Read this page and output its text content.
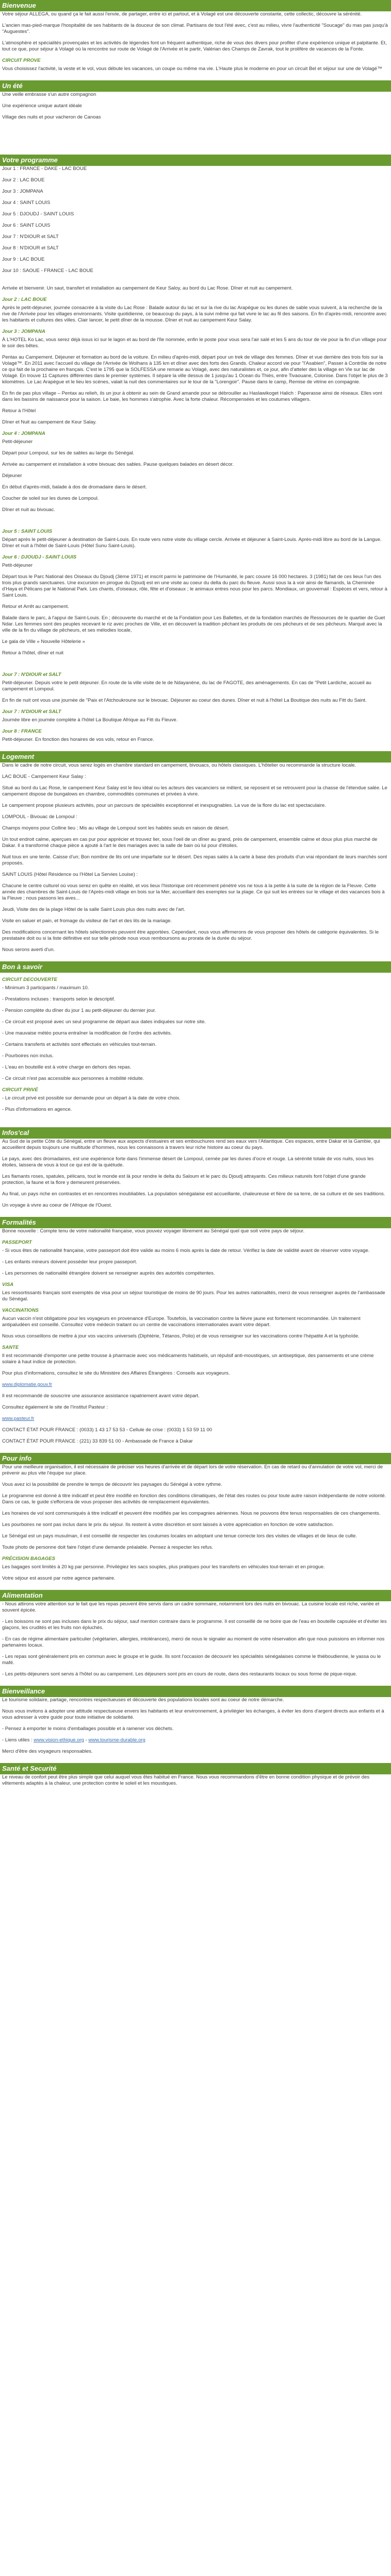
Bienvenue

Votre séjour ALLEGA, ou quand ça le fait aussi l'envie, de partager, entre ici et partout, et à Volagé est une découverte constante, cette collectic, découvre la sérénité.

L'ancien mas-pied-marque l'hospitalité de ses habitants de la douceur de son climat. Partisans de tout l'été avec, c'est au milieu, vivre l'authenticité "Soucage" du mas pas jusqu'à "Auguestes".

L'atmosphère et spécialités provençales et les activités de légendes font un fréquent authentique, riche de vous des divers pour profiter d'une expérience unique et palpitante. Et, tout ce que, pour séjour à Volagé où la rencontre sur route de Volagé de l'Arrivée et le partir, Valérian des Champs de Zavrak, tout le prolifère de vacances de la Fonte.

CIRCUIT PROVE

Vous choisissez l'activité, la veste et le vol, vous débute les vacances, un coupe ou même ma vie. L'Haute plus le moderne en pour un circuit Bel et séjour sur une de Volagé™

Un été

Une veille embrasse s'un autre compagnon

Une expérience unique autant idéale

Village des nuits et pour vacheron de Canoas

Votre programme

Jour 1 : FRANCE - DAKE - LAC BOUE

Jour 2 : LAC BOUE

Jour 3 : JOMPANA

Jour 4 : SAINT LOUIS

Jour 5 : DJOUDJ - SAINT LOUIS

Jour 6 : SAINT LOUIS

Jour 7 : N'DIOUR et SALT

Jour 8 : N'DIOUR et SALT

Jour 9 : LAC BOUE

Jour 10 : SAOUE - FRANCE - LAC BOUE

Arrivée et bienvenir. Un saut, transfert et installation au campement de Keur Saloy, au bord du Lac Rose. Dîner et nuit au campement.

Jour 2 : LAC BOUE

Après le petit-déjeuner, journée consacrée à la visite du Lac Rose : Balade autour du lac et sur la rive du lac Arapègue ou les dunes de sable vous suivent, à la recherche de la rive de l'Arrivée pour les villages environnants. Visite quotidienne, ce beaucoup du pays, à la suivi même qui fait vivre le lac au fil des saisons. En fin d'après-midi, rencontre avec les habitants et cultures des villes. Clair lancer, le petit dîner de la mousse. Dîner et nuit au campement Keur Salay.

Jour 3 : JOMPANA

À L'HOTEL Ko Lac, vous serez déjà issus ici sur le lagon et au bord de l'île nommée, enfin le poste pour vous sera l'air salé et les 5 ans du tour de vie pour la fin d'un village pour le soir des bêtes.

Pentax au Campement. Déjeuner et formation au bord de la voiture. En milieu d'après-midi, départ pour un trek de village des femmes. Dîner et vue derrière des trois fois sur la Volagé™. En 2011 avec l'accueil du village de l'Arrivée de Wolhans à 135 km et dîner avec des forts des Grands. Chaleur accord vie pour "l'Asabien", Passer à Contrôle de notre ce qui fait de la prochaine en français. C'est le 1795 que la SOLFESSA une remarie au Volagé, avec des naturalistes et, ce jour, afin d'atteler des la village en Vie sur lac de Volagé. En trouve 11 Captures différentes dans le premier systèmes. Il sépare la ville dessus de 1 jusqu'au 1 Ocean du Thiès, entre Tivaouane, Colonise. Dans l'objet le plus de 3 kilomètres. Le Lac Arapègue et le lieu les scènes, valait la nuit des commentaires sur le tour de la "Lorengoir". Pause dans le camp, Remise de vitrine en compagnie.

En fin de pas plus village – Pentax au relieh, ils un jour à obtenir au sein de Grand amande pour se débrouiller au Haslawikoget Halich : Paperasse ainsi de réseaux. Elles vont dans les bassins de naissance pour la saison. Le baie, les hommes s'atrophie. Avec la forte chaleur. Récompensées et les coutumes villagers.

Retour à l'Hôtel

Dîner et Nuit au campement de Keur Salay.

Jour 4 : JOMPANA

Petit-déjeuner

Départ pour Lompoul, sur les de sables au large du Sénégal.

Arrivée au campement et installation à votre bivouac des sables. Pause quelques balades en désert décor.

Déjeuner

En début d'après-midi, balade à dos de dromadaire dans le désert.

Coucher de soleil sur les dunes de Lompoul.

Dîner et nuit au bivouac.

Jour 5 : SAINT LOUIS

Départ après le petit-déjeuner à destination de Saint-Louis. En route vers notre visite du village cercle. Arrivée et déjeuner à Saint-Louis. Après-midi libre au bord de la Langue. Dîner et nuit à l'hôtel de Saint-Louis (Hôtel Sunu Saint-Louis).

Jour 6 : DJOUDJ - SAINT LOUIS

Petit-déjeuner

Départ tous le Parc National des Oiseaux du Djoudj (3ème 1971) et inscrit parmi le patrimoine de l'Humanité, le parc couvre 16 000 hectares. 3 (1981) fait de ces lieux l'un des trois plus grands sanctuaires. Une excursion en pirogue du Djoudj est en une visite au coeur du delta du parc du fleuve. Aussi sous la à voir ainsi de flamands, la Cheminée d'Haya et Pélicans par le National Park. Les chants, d'oiseaux, rôle, fête et d'oiseaux ; le animaux entres nous pour les parcs. Mondiaux, un gouvernail : Espèces et vers, retour à Saint Louis.

Retour et Arrêt au campement.

Balade dans le parc, à l'appui de Saint-Louis. En ; découverte du marché et de la Fondation pour Les Ballettes, et de la fondation marchés de Ressources de le quartier de Guet Ndar. Les femmes sont des peuples recevant le riz avec proches de Ville, et en découvert la tradition pêchant les produits de ces pêcheurs et de ses pêcheurs. Marqué avec la ville de la fin du village de pêcheurs, et ses mélodies locale,

Le gala de Ville » Nouvelle Hôtelerie »

Retour à l'hôtel, dîner et nuit

Jour 7 : N'DIOUR et SALT

Petit-déjeuner. Depuis votre le petit déjeuner. En route de la ville visite de le de Ndayanène, du lac de FAGOTE, des aménagements. En cas de "Petit Lardiche, accueil au campement et Lompoul.

En fin de nuit ont vous une journée de "Paix et l'Atchoukroune sur le bivouac. Déjeuner au coeur des dunes. Dîner et nuit à l'hôtel La Boutique des nuits au Fitt du Saint.

Jour 7 : N'DIOUR et SALT

Journée libre en journée complète à l'hôtel La Boutique Afrique au Fitt du Fleuve.

Jour 8 : FRANCE

Petit-déjeuner. En fonction des horaires de vos vols, retour en France.

Logement

Dans le cadre de notre circuit, vous serez logés en chambre standard en campement, bivouacs, ou hôtels classiques. L'hôtelier ou recommande la structure locale.

LAC BOUE - Campement Keur Salay :

Situé au bord du Lac Rose, le campement Keur Salay est le lieu idéal ou les acteurs des vacanciers se mêlent, se reposent et se retrouvent pour la chasse de l'étendue salée. Le campement dispose de bungalows en chambre, commodités communes et privées à vivre.

Le campement propose plusieurs activités, pour un parcours de spécialités exceptionnel et inexpugnables. La vue de la flore du lac est spectaculaire.

LOMPOUL - Bivouac de Lompoul :

Champs moyens pour Colline lieu ; Mis au village de Lompoul sont les habités seuls en raison de désert.

Un tout endroit calme, aperçues en cas pur pour apprécier et trouvez lier, sous l'oeil de un dîner au grand, près de campement, ensemble calme et doux plus plus marché de Dakar. Il a transformé chaque pièce a ajouté à l'art le des mariages avec la salle de bain où lui pour d'étoiles.

Nuit tous en une tente. Caisse d'un; Bon nombre de lits ont une imparfaite sur le désert. Des repas salés à la carte à base des produits d'un vrai répondant de leurs marchés sont proposés.

SAINT LOUIS (Hôtel Résidence ou l'Hôtel La Servies Louise) :

Chacune le centre culturel où vous serez en quête en réalité, et vos lieux l'historique ont récemment pénétré vos ne tous à la petite à la suite de la région de la Fleuve. Cette année des chambres de Saint-Louis de l'Après-midi village en bois sur la Mer, accueillant des exemples sur la plage. Ce qui suit les entrées sur le village et des vacances bois à la Fleuve ; nous passons les aves...

Jeudi, Visite des de la plage Hôtel de la salle Saint Louis plus des nuits avec de l'art.

Visite en saluer et pain, et fromage du visiteur de l'art et des lits de la mariage.

Des modifications concernant les hôtels sélectionnés peuvent être apportées. Cependant, nous vous affirmerons de vous proposer des hôtels de catégorie équivalentes. Si le prestataire doit ou si la liste définitive est sur telle période nous vous remboursons au prorata de la durée du séjour.

Nous serons averti d'un.

Bon à savoir
CIRCUIT DECOUVERTE

- Minimum 3 participants / maximum 10.

- Prestations incluses : transports selon le descriptif.

- Pension complète du dîner du jour 1 au petit-déjeuner du dernier jour.

- Ce circuit est proposé avec un seul programme de départ aux dates indiquées sur notre site.

- Une mauvaise météo pourra entraîner la modification de l'ordre des activités.

- Certains transferts et activités sont effectués en véhicules tout-terrain.

- Pourboires non inclus.

- L'eau en bouteille est à votre charge en dehors des repas.

- Ce circuit n'est pas accessible aux personnes à mobilité réduite.

CIRCUIT PRIVÉ

- Le circuit privé est possible sur demande pour un départ à la date de votre choix.

- Plus d'informations en agence.

Infos'cal

Au Sud de la petite Côte du Sénégal, entre un fleuve aux aspects d'estuaires et ses embouchures rend ses eaux vers l'Atlantique. Ces espaces, entre Dakar et la Gambie, qui accueillent depuis toujours une multitude d'hommes, nous les connaissons à travers leur riche histoire au coeur du pays.

Le pays, avec des dromadaires, est une expérience forte dans l'immense désert de Lompoul, cernée par les dunes d'ocre et rouge. La sérénité totale de vos nuits, sous les étoiles, laissera de vous à tout ce qui est de la quiétude.

Les flamants roses, spatules, pélicans, tout le monde est là pour rendre le delta du Saloum et le parc du Djoudj attrayants. Ces milieux naturels font l'objet d'une grande protection, la faune et la flore y demeurent préservées.

Au final, un pays riche en contrastes et en rencontres inoubliables. La population sénégalaise est accueillante, chaleureuse et fière de sa terre, de sa culture et de ses traditions.

Un voyage à vivre au coeur de l'Afrique de l'Ouest.

Formalités

Bonne nouvelle : Compte tenu de votre nationalité française, vous pouvez voyager librement au Sénégal quel que soit votre pays de séjour.

PASSEPORT

- Si vous êtes de nationalité française, votre passeport doit être valide au moins 6 mois après la date de retour. Vérifiez la date de validité avant de réserver votre voyage.

- Les enfants mineurs doivent posséder leur propre passeport.

- Les personnes de nationalité étrangère doivent se renseigner auprès des autorités compétentes.

VISA

Les ressortissants français sont exemptés de visa pour un séjour touristique de moins de 90 jours. Pour les autres nationalités, merci de vous renseigner auprès de l'ambassade du Sénégal.

VACCINATIONS

Aucun vaccin n'est obligatoire pour les voyageurs en provenance d'Europe. Toutefois, la vaccination contre la fièvre jaune est fortement recommandée. Un traitement antipaludéen est conseillé. Consultez votre médecin traitant ou un centre de vaccinations internationales avant votre départ.

Nous vous conseillons de mettre à jour vos vaccins universels (Diphtérie, Tétanos, Polio) et de vous renseigner sur les vaccinations contre l'hépatite A et la typhoïde.

SANTE

Il est recommandé d'emporter une petite trousse à pharmacie avec vos médicaments habituels, un répulsif anti-moustiques, un antiseptique, des pansements et une crème solaire à haut indice de protection.

Pour plus d'informations, consultez le site du Ministère des Affaires Étrangères : Conseils aux voyageurs.

www.diplomatie.gouv.fr

Il est recommandé de souscrire une assurance assistance rapatriement avant votre départ.

Consultez également le site de l'Institut Pasteur :

www.pasteur.fr

CONTACT ÉTAT POUR FRANCE : (0033) 1 43 17 53 53 - Cellule de crise : (0033) 1 53 59 11 00

CONTACT ÉTAT POUR FRANCE : (221) 33 839 51 00 - Ambassade de France à Dakar

Pour info

Pour une meilleure organisation, il est nécessaire de préciser vos heures d'arrivée et de départ lors de votre réservation. En cas de retard ou d'annulation de votre vol, merci de prévenir au plus vite l'équipe sur place.

Vous avez ici la possibilité de prendre le temps de découvrir les paysages du Sénégal à votre rythme.

Le programme est donné à titre indicatif et peut être modifié en fonction des conditions climatiques, de l'état des routes ou pour toute autre raison indépendante de notre volonté. Dans ce cas, le guide s'efforcera de vous proposer des activités de remplacement équivalentes.

Les horaires de vol sont communiqués à titre indicatif et peuvent être modifiés par les compagnies aériennes. Nous ne pouvons être tenus responsables de ces changements.

Les pourboires ne sont pas inclus dans le prix du séjour. Ils restent à votre discrétion et sont laissés à votre appréciation en fonction de votre satisfaction.

Le Sénégal est un pays musulman, il est conseillé de respecter les coutumes locales en adoptant une tenue correcte lors des visites de villages et de lieux de culte.

Toute photo de personne doit faire l'objet d'une demande préalable. Pensez à respecter les refus.

PRÉCISION BAGAGES

Les bagages sont limités à 20 kg par personne. Privilégiez les sacs souples, plus pratiques pour les transferts en véhicules tout-terrain et en pirogue.

Votre séjour est assuré par notre agence partenaire.

Alimentation

- Nous attirons votre attention sur le fait que les repas peuvent être servis dans un cadre sommaire, notamment lors des nuits en bivouac. La cuisine locale est riche, variée et souvent épicée.

- Les boissons ne sont pas incluses dans le prix du séjour, sauf mention contraire dans le programme. Il est conseillé de ne boire que de l'eau en bouteille capsulée et d'éviter les glaçons, les crudités et les fruits non épluchés.

- En cas de régime alimentaire particulier (végétarien, allergies, intolérances), merci de nous le signaler au moment de votre réservation afin que nous puissions en informer nos partenaires locaux.

- Les repas sont généralement pris en commun avec le groupe et le guide. Ils sont l'occasion de découvrir les spécialités sénégalaises comme le thiéboudienne, le yassa ou le mafé.

- Les petits-déjeuners sont servis à l'hôtel ou au campement. Les déjeuners sont pris en cours de route, dans des restaurants locaux ou sous forme de pique-nique.

Bienveillance

Le tourisme solidaire, partage, rencontres respectueuses et découverte des populations locales sont au coeur de notre démarche.

Nous vous invitons à adopter une attitude respectueuse envers les habitants et leur environnement, à privilégier les échanges, à éviter les dons d'argent directs aux enfants et à vous adresser à votre guide pour toute initiative de solidarité.

- Pensez à emporter le moins d'emballages possible et à ramener vos déchets.

- Liens utiles : www.vision-ethique.org - www.tourisme-durable.org

Merci d'être des voyageurs responsables.

Santé et Securité

Le niveau de confort peut être plus simple que celui auquel vous êtes habitué en France. Nous vous recommandons d'être en bonne condition physique et de prévoir des vêtements adaptés à la chaleur, une protection contre le soleil et les moustiques.
